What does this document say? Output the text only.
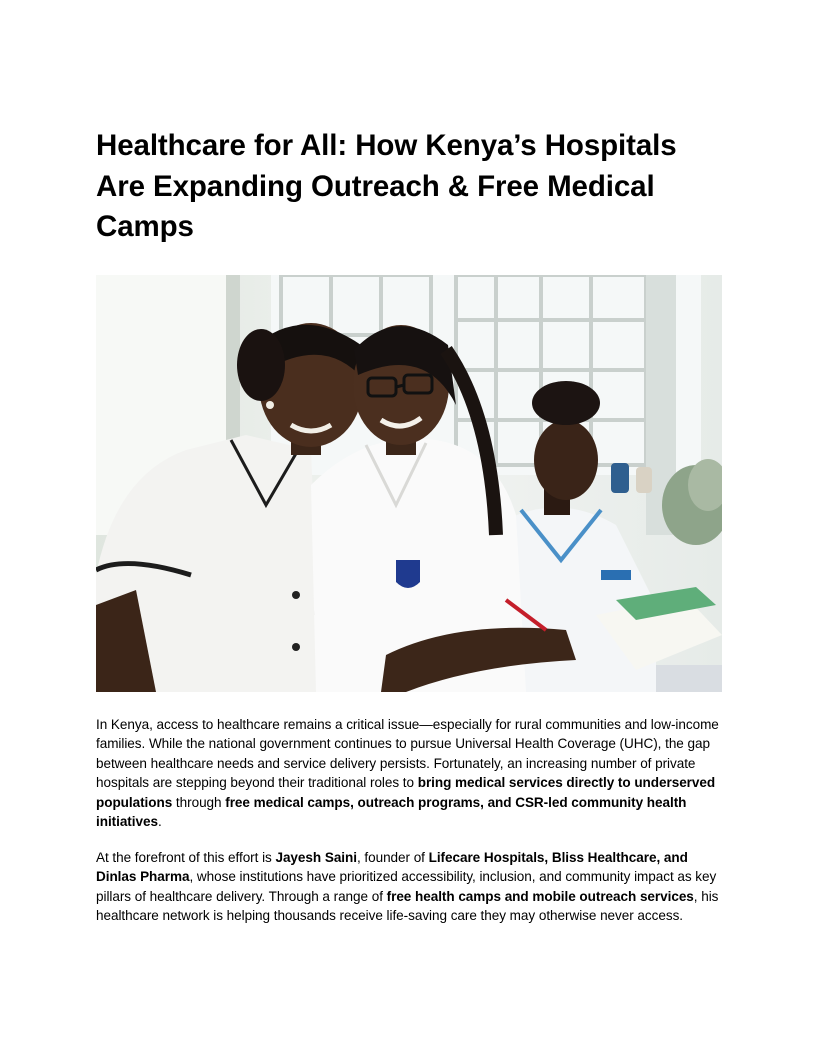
Healthcare for All: How Kenya’s Hospitals Are Expanding Outreach & Free Medical Camps

In Kenya, access to healthcare remains a critical issue—especially for rural communities and low-income families. While the national government continues to pursue Universal Health Coverage (UHC), the gap between healthcare needs and service delivery persists. Fortunately, an increasing number of private hospitals are stepping beyond their traditional roles to bring medical services directly to underserved populations through free medical camps, outreach programs, and CSR-led community health initiatives.

At the forefront of this effort is Jayesh Saini, founder of Lifecare Hospitals, Bliss Healthcare, and Dinlas Pharma, whose institutions have prioritized accessibility, inclusion, and community impact as key pillars of healthcare delivery. Through a range of free health camps and mobile outreach services, his healthcare network is helping thousands receive life-saving care they may otherwise never access.
